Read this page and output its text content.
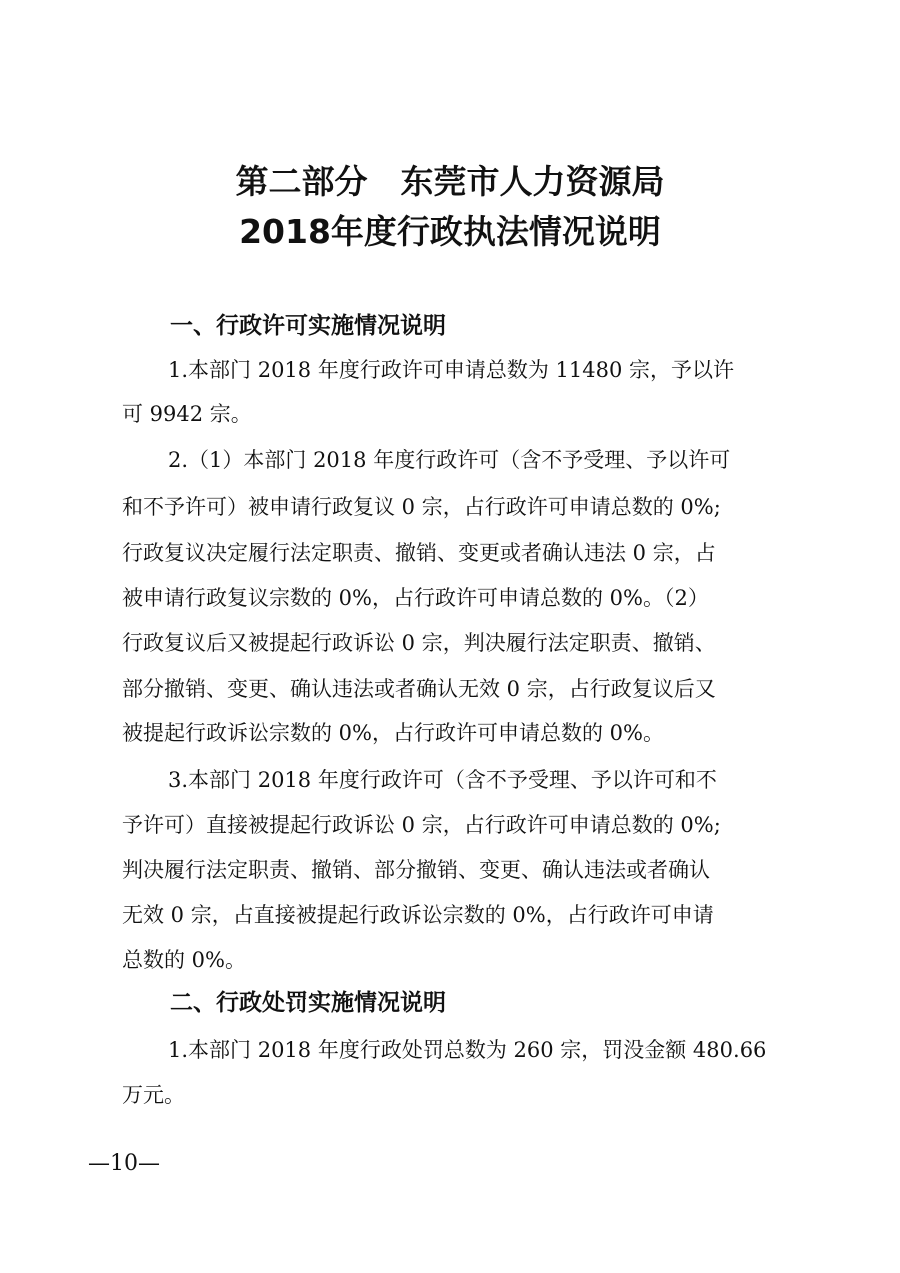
第二部分　东莞市人力资源局
2018年度行政执法情况说明
一、行政许可实施情况说明
1.本部门 2018 年度行政许可申请总数为 11480 宗，予以许
可 9942 宗。
2.（1）本部门 2018 年度行政许可（含不予受理、予以许可
和不予许可）被申请行政复议 0 宗，占行政许可申请总数的 0%;
行政复议决定履行法定职责、撤销、变更或者确认违法 0 宗，占
被申请行政复议宗数的 0%，占行政许可申请总数的 0%。（2）
行政复议后又被提起行政诉讼 0 宗，判决履行法定职责、撤销、
部分撤销、变更、确认违法或者确认无效 0 宗，占行政复议后又
被提起行政诉讼宗数的 0%，占行政许可申请总数的 0%。
3.本部门 2018 年度行政许可（含不予受理、予以许可和不
予许可）直接被提起行政诉讼 0 宗，占行政许可申请总数的 0%;
判决履行法定职责、撤销、部分撤销、变更、确认违法或者确认
无效 0 宗，占直接被提起行政诉讼宗数的 0%，占行政许可申请
总数的 0%。
二、行政处罚实施情况说明
1.本部门 2018 年度行政处罚总数为 260 宗，罚没金额 480.66
万元。
—10—
